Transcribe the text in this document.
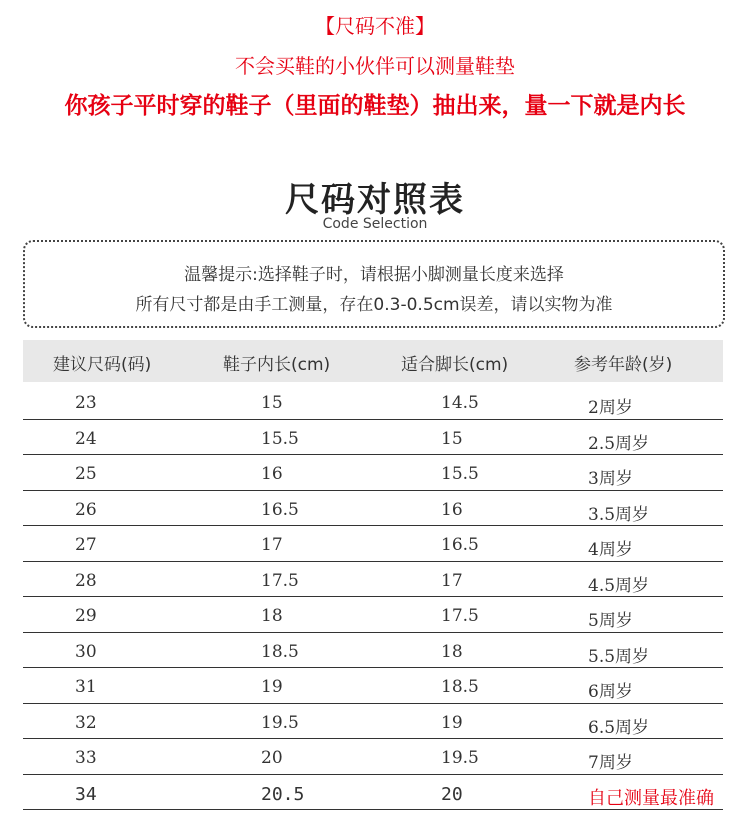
【尺码不准】
不会买鞋的小伙伴可以测量鞋垫
你孩子平时穿的鞋子（里面的鞋垫）抽出来，量一下就是内长
尺码对照表
Code Selection
温馨提示:选择鞋子时，请根据小脚测量长度来选择
所有尺寸都是由手工测量，存在0.3-0.5cm误差，请以实物为准
建议尺码(码)	鞋子内长(cm)	适合脚长(cm)	参考年龄(岁)
23	15	14.5	2周岁
24	15.5	15	2.5周岁
25	16	15.5	3周岁
26	16.5	16	3.5周岁
27	17	16.5	4周岁
28	17.5	17	4.5周岁
29	18	17.5	5周岁
30	18.5	18	5.5周岁
31	19	18.5	6周岁
32	19.5	19	6.5周岁
33	20	19.5	7周岁
34	20.5	20	自己测量最准确
